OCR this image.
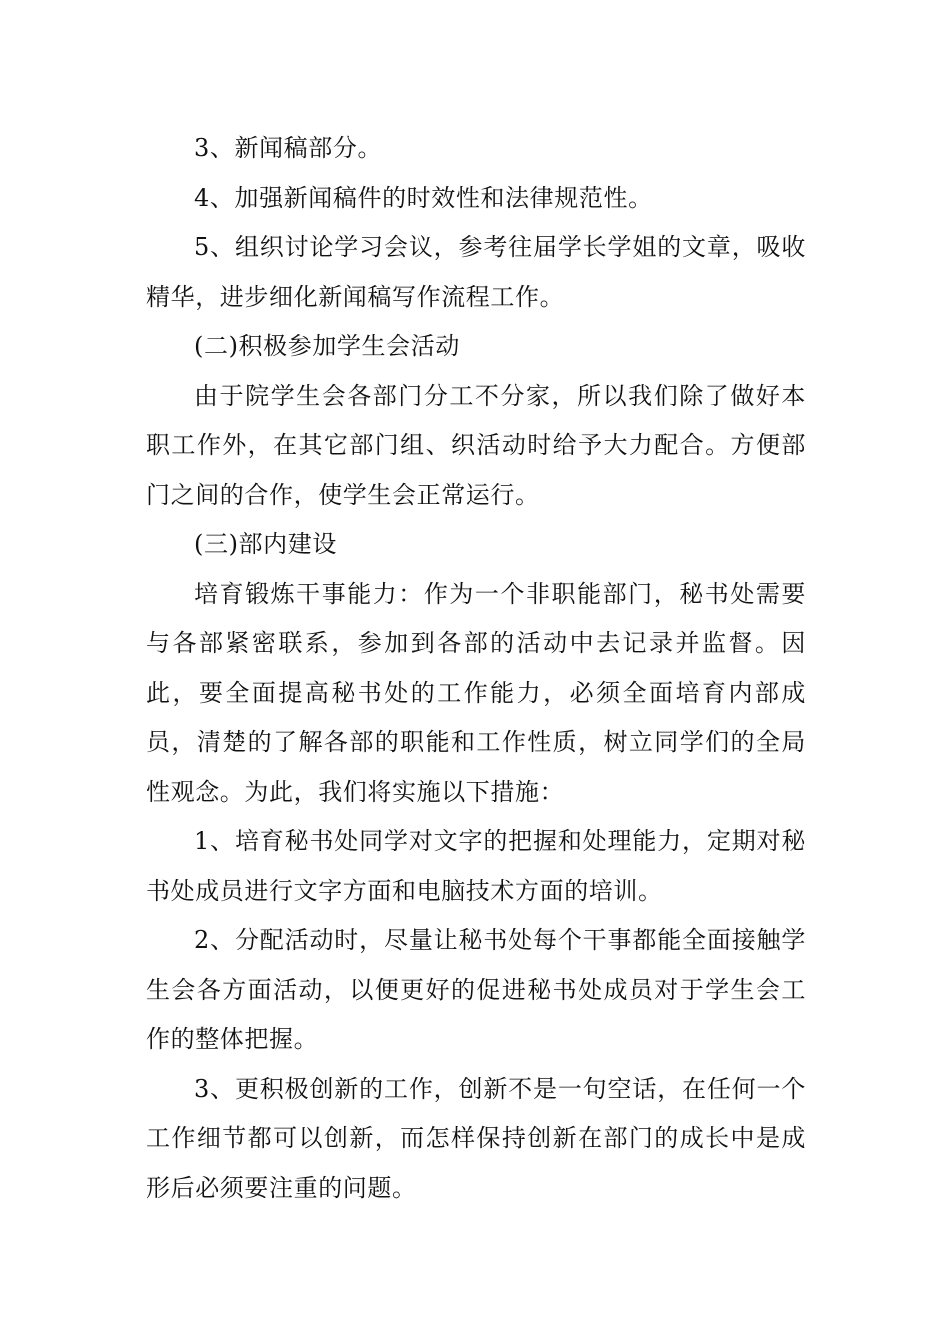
3、新闻稿部分。

4、加强新闻稿件的时效性和法律规范性。

5、组织讨论学习会议，参考往届学长学姐的文章，吸收精华，进步细化新闻稿写作流程工作。

(二)积极参加学生会活动

由于院学生会各部门分工不分家，所以我们除了做好本职工作外，在其它部门组、织活动时给予大力配合。方便部门之间的合作，使学生会正常运行。

(三)部内建设

培育锻炼干事能力：作为一个非职能部门，秘书处需要与各部紧密联系，参加到各部的活动中去记录并监督。因此，要全面提高秘书处的工作能力，必须全面培育内部成员，清楚的了解各部的职能和工作性质，树立同学们的全局性观念。为此，我们将实施以下措施：

1、培育秘书处同学对文字的把握和处理能力，定期对秘书处成员进行文字方面和电脑技术方面的培训。

2、分配活动时，尽量让秘书处每个干事都能全面接触学生会各方面活动，以便更好的促进秘书处成员对于学生会工作的整体把握。

3、更积极创新的工作，创新不是一句空话，在任何一个工作细节都可以创新，而怎样保持创新在部门的成长中是成形后必须要注重的问题。
